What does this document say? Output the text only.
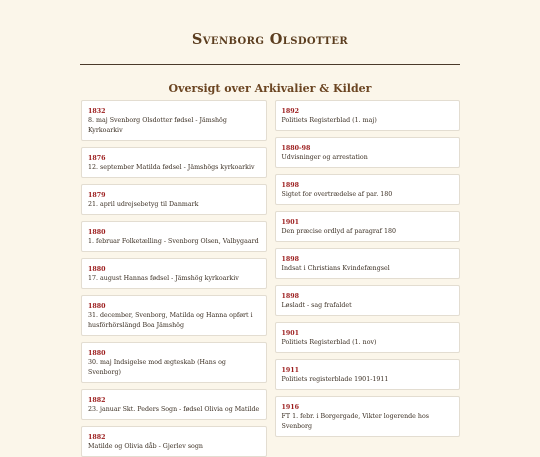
Svenborg Olsdotter
Oversigt over Arkivalier & Kilder
1832
8. maj Svenborg Olsdotter fødsel - Jämshög Kyrkoarkiv
1876
12. september Matilda fødsel - Jämshögs kyrkoarkiv
1879
21. april udrejsebetyg til Danmark
1880
1. februar Folketælling - Svenborg Olsen, Valbygaard
1880
17. august Hannas fødsel - Jämshög kyrkoarkiv
1880
31. december, Svenborg, Matilda og Hanna opført i husförhörslängd Boa Jämshög
1880
30. maj Indsigelse mod ægteskab (Hans og Svenborg)
1882
23. januar Skt. Peders Sogn - fødsel Olivia og Matilde
1882
Matilde og Olivia dåb - Gjerlev sogn
1892
Politiets Registerblad (1. maj)
1880-98
Udvisninger og arrestation
1898
Sigtet for overtrædelse af par. 180
1901
Den præcise ordlyd af paragraf 180
1898
Indsat i Christians Kvindefængsel
1898
Løsladt - sag frafaldet
1901
Politiets Registerblad (1. nov)
1911
Politiets registerblade 1901-1911
1916
FT 1. febr. i Borgergade, Vikter logerende hos Svenborg
